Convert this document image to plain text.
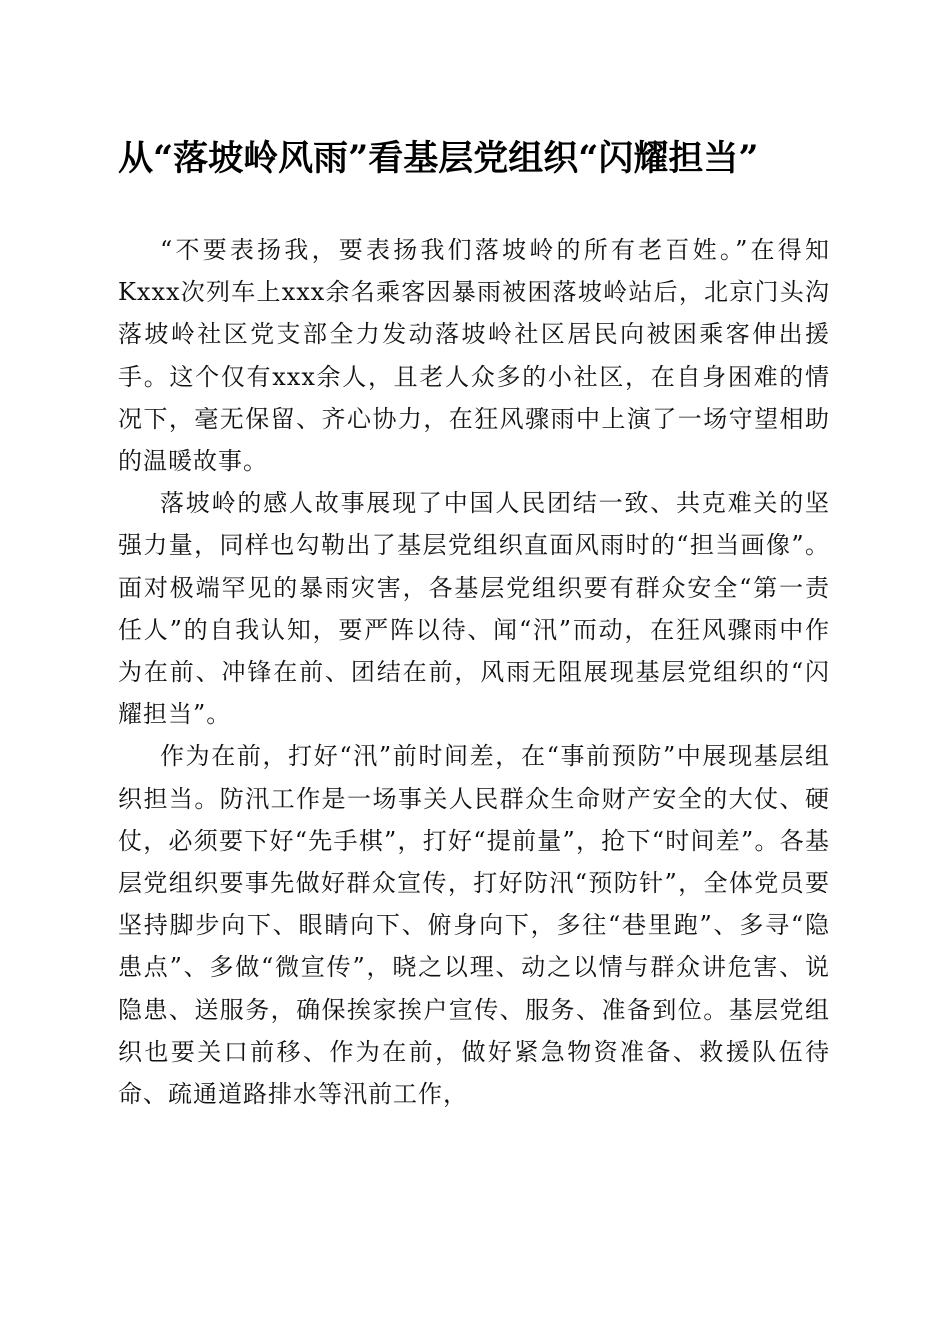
从“落坡岭风雨”看基层党组织“闪耀担当”

“不要表扬我，要表扬我们落坡岭的所有老百姓。”在得知Kxxx次列车上xxx余名乘客因暴雨被困落坡岭站后，北京门头沟落坡岭社区党支部全力发动落坡岭社区居民向被困乘客伸出援手。这个仅有xxx余人，且老人众多的小社区，在自身困难的情况下，毫无保留、齐心协力，在狂风骤雨中上演了一场守望相助的温暖故事。

落坡岭的感人故事展现了中国人民团结一致、共克难关的坚强力量，同样也勾勒出了基层党组织直面风雨时的“担当画像”。面对极端罕见的暴雨灾害，各基层党组织要有群众安全“第一责任人”的自我认知，要严阵以待、闻“汛”而动，在狂风骤雨中作为在前、冲锋在前、团结在前，风雨无阻展现基层党组织的“闪耀担当”。

作为在前，打好“汛”前时间差，在“事前预防”中展现基层组织担当。防汛工作是一场事关人民群众生命财产安全的大仗、硬仗，必须要下好“先手棋”，打好“提前量”，抢下“时间差”。各基层党组织要事先做好群众宣传，打好防汛“预防针”，全体党员要坚持脚步向下、眼睛向下、俯身向下，多往“巷里跑”、多寻“隐患点”、多做“微宣传”，晓之以理、动之以情与群众讲危害、说隐患、送服务，确保挨家挨户宣传、服务、准备到位。基层党组织也要关口前移、作为在前，做好紧急物资准备、救援队伍待命、疏通道路排水等汛前工作，
